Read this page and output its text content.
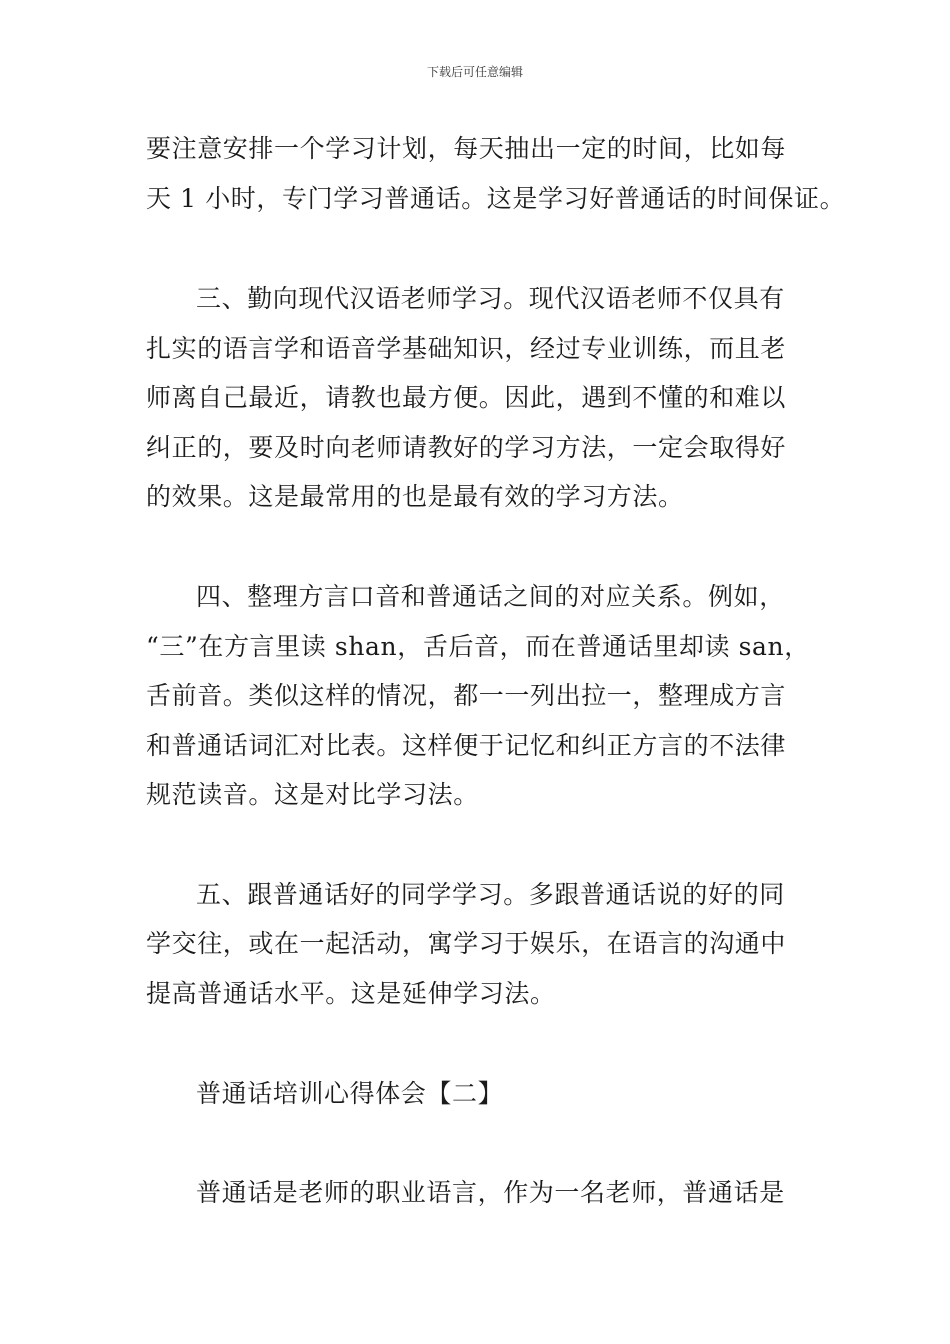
下载后可任意编辑
要注意安排一个学习计划，每天抽出一定的时间，比如每
天 1 小时，专门学习普通话。这是学习好普通话的时间保证。
三、勤向现代汉语老师学习。现代汉语老师不仅具有
扎实的语言学和语音学基础知识，经过专业训练，而且老
师离自己最近，请教也最方便。因此，遇到不懂的和难以
纠正的，要及时向老师请教好的学习方法，一定会取得好
的效果。这是最常用的也是最有效的学习方法。
四、整理方言口音和普通话之间的对应关系。例如，
“三”在方言里读 shan，舌后音，而在普通话里却读 san，
舌前音。类似这样的情况，都一一列出拉一，整理成方言
和普通话词汇对比表。这样便于记忆和纠正方言的不法律
规范读音。这是对比学习法。
五、跟普通话好的同学学习。多跟普通话说的好的同
学交往，或在一起活动，寓学习于娱乐，在语言的沟通中
提高普通话水平。这是延伸学习法。
普通话培训心得体会【二】
普通话是老师的职业语言，作为一名老师，普通话是
